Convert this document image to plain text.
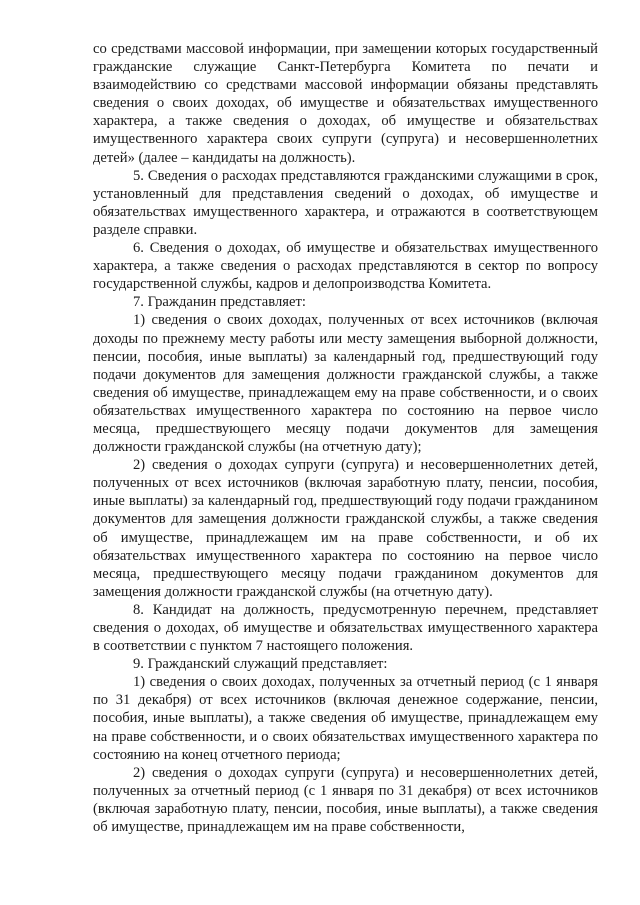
со средствами массовой информации, при замещении которых государственный гражданские служащие Санкт-Петербурга Комитета по печати и взаимодействию со средствами массовой информации обязаны представлять сведения о своих доходах, об имуществе и обязательствах имущественного характера, а также сведения о доходах, об имуществе и обязательствах имущественного характера своих супруги (супруга) и несовершеннолетних детей» (далее – кандидаты на должность).

5. Сведения о расходах представляются гражданскими служащими в срок, установленный для представления сведений о доходах, об имуществе и обязательствах имущественного характера, и отражаются в соответствующем разделе справки.

6. Сведения о доходах, об имуществе и обязательствах имущественного характера, а также сведения о расходах представляются в сектор по вопросу государственной службы, кадров и делопроизводства Комитета.

7. Гражданин представляет:

1) сведения о своих доходах, полученных от всех источников (включая доходы по прежнему месту работы или месту замещения выборной должности, пенсии, пособия, иные выплаты) за календарный год, предшествующий году подачи документов для замещения должности гражданской службы, а также сведения об имуществе, принадлежащем ему на праве собственности, и о своих обязательствах имущественного характера по состоянию на первое число месяца, предшествующего месяцу подачи документов для замещения должности гражданской службы (на отчетную дату);

2) сведения о доходах супруги (супруга) и несовершеннолетних детей, полученных от всех источников (включая заработную плату, пенсии, пособия, иные выплаты) за календарный год, предшествующий году подачи гражданином документов для замещения должности гражданской службы, а также сведения об имуществе, принадлежащем им на праве собственности, и об их обязательствах имущественного характера по состоянию на первое число месяца, предшествующего месяцу подачи гражданином документов для замещения должности гражданской службы (на отчетную дату).

8. Кандидат на должность, предусмотренную перечнем, представляет сведения о доходах, об имуществе и обязательствах имущественного характера в соответствии с пунктом 7 настоящего положения.

9. Гражданский служащий представляет:

1) сведения о своих доходах, полученных за отчетный период (с 1 января по 31 декабря) от всех источников (включая денежное содержание, пенсии, пособия, иные выплаты), а также сведения об имуществе, принадлежащем ему на праве собственности, и о своих обязательствах имущественного характера по состоянию на конец отчетного периода;

2) сведения о доходах супруги (супруга) и несовершеннолетних детей, полученных за отчетный период (с 1 января по 31 декабря) от всех источников (включая заработную плату, пенсии, пособия, иные выплаты), а также сведения об имуществе, принадлежащем им на праве собственности,
